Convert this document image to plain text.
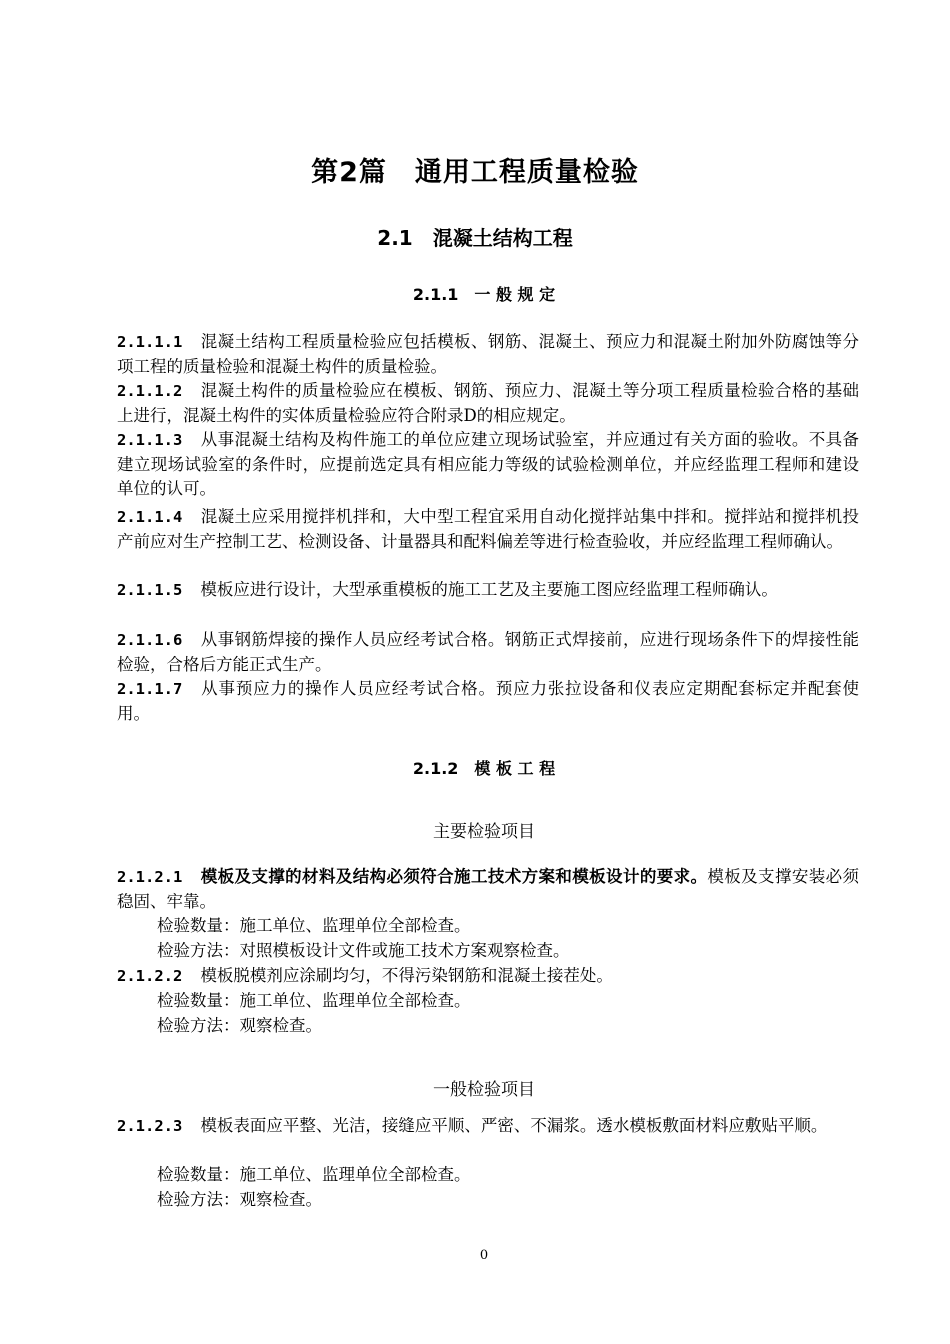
第2篇　通用工程质量检验
2.1　混凝土结构工程
2.1.1　一 般 规 定
2.1.1.1 混凝土结构工程质量检验应包括模板、钢筋、混凝土、预应力和混凝土附加外防腐蚀等分项工程的质量检验和混凝土构件的质量检验。
2.1.1.2 混凝土构件的质量检验应在模板、钢筋、预应力、混凝土等分项工程质量检验合格的基础上进行，混凝土构件的实体质量检验应符合附录D的相应规定。
2.1.1.3 从事混凝土结构及构件施工的单位应建立现场试验室，并应通过有关方面的验收。不具备建立现场试验室的条件时，应提前选定具有相应能力等级的试验检测单位，并应经监理工程师和建设单位的认可。
2.1.1.4 混凝土应采用搅拌机拌和，大中型工程宜采用自动化搅拌站集中拌和。搅拌站和搅拌机投产前应对生产控制工艺、检测设备、计量器具和配料偏差等进行检查验收，并应经监理工程师确认。
2.1.1.5 模板应进行设计，大型承重模板的施工工艺及主要施工图应经监理工程师确认。
2.1.1.6 从事钢筋焊接的操作人员应经考试合格。钢筋正式焊接前，应进行现场条件下的焊接性能检验，合格后方能正式生产。
2.1.1.7 从事预应力的操作人员应经考试合格。预应力张拉设备和仪表应定期配套标定并配套使用。
2.1.2　模 板 工 程
主要检验项目
2.1.2.1 模板及支撑的材料及结构必须符合施工技术方案和模板设计的要求。模板及支撑安装必须稳固、牢靠。
检验数量：施工单位、监理单位全部检查。
检验方法：对照模板设计文件或施工技术方案观察检查。
2.1.2.2 模板脱模剂应涂刷均匀，不得污染钢筋和混凝土接茬处。
检验数量：施工单位、监理单位全部检查。
检验方法：观察检查。
一般检验项目
2.1.2.3 模板表面应平整、光洁，接缝应平顺、严密、不漏浆。透水模板敷面材料应敷贴平顺。
检验数量：施工单位、监理单位全部检查。
检验方法：观察检查。
0
